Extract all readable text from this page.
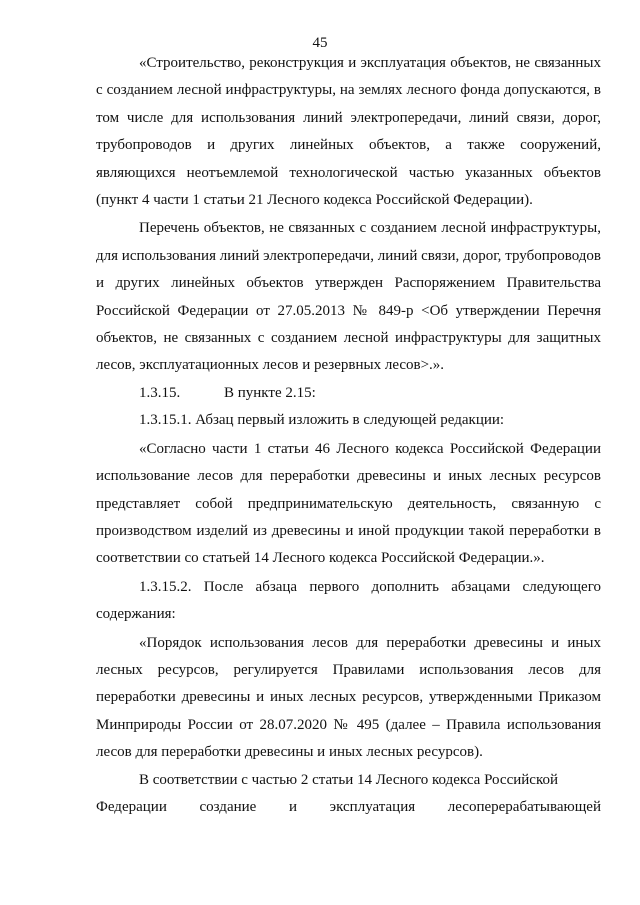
45

«Строительство, реконструкция и эксплуатация объектов, не связанных с созданием лесной инфраструктуры, на землях лесного фонда допускаются, в том числе для использования линий электропередачи, линий связи, дорог, трубопроводов и других линейных объектов, а также сооружений, являющихся неотъемлемой технологической частью указанных объектов (пункт 4 части 1 статьи 21 Лесного кодекса Российской Федерации).

Перечень объектов, не связанных с созданием лесной инфраструктуры, для использования линий электропередачи, линий связи, дорог, трубопроводов и других линейных объектов утвержден Распоряжением Правительства Российской Федерации от 27.05.2013 № 849-р <Об утверждении Перечня объектов, не связанных с созданием лесной инфраструктуры для защитных лесов, эксплуатационных лесов и резервных лесов>.».

1.3.15.	В пункте 2.15:

1.3.15.1. Абзац первый изложить в следующей редакции:

«Согласно части 1 статьи 46 Лесного кодекса Российской Федерации использование лесов для переработки древесины и иных лесных ресурсов представляет собой предпринимательскую деятельность, связанную с производством изделий из древесины и иной продукции такой переработки в соответствии со статьей 14 Лесного кодекса Российской Федерации.».

1.3.15.2. После абзаца первого дополнить абзацами следующего содержания:

«Порядок использования лесов для переработки древесины и иных лесных ресурсов, регулируется Правилами использования лесов для переработки древесины и иных лесных ресурсов, утвержденными Приказом Минприроды России от 28.07.2020 № 495 (далее – Правила использования лесов для переработки древесины и иных лесных ресурсов).

В соответствии с частью 2 статьи 14 Лесного кодекса Российской

Федерации создание и эксплуатация лесоперерабатывающей
